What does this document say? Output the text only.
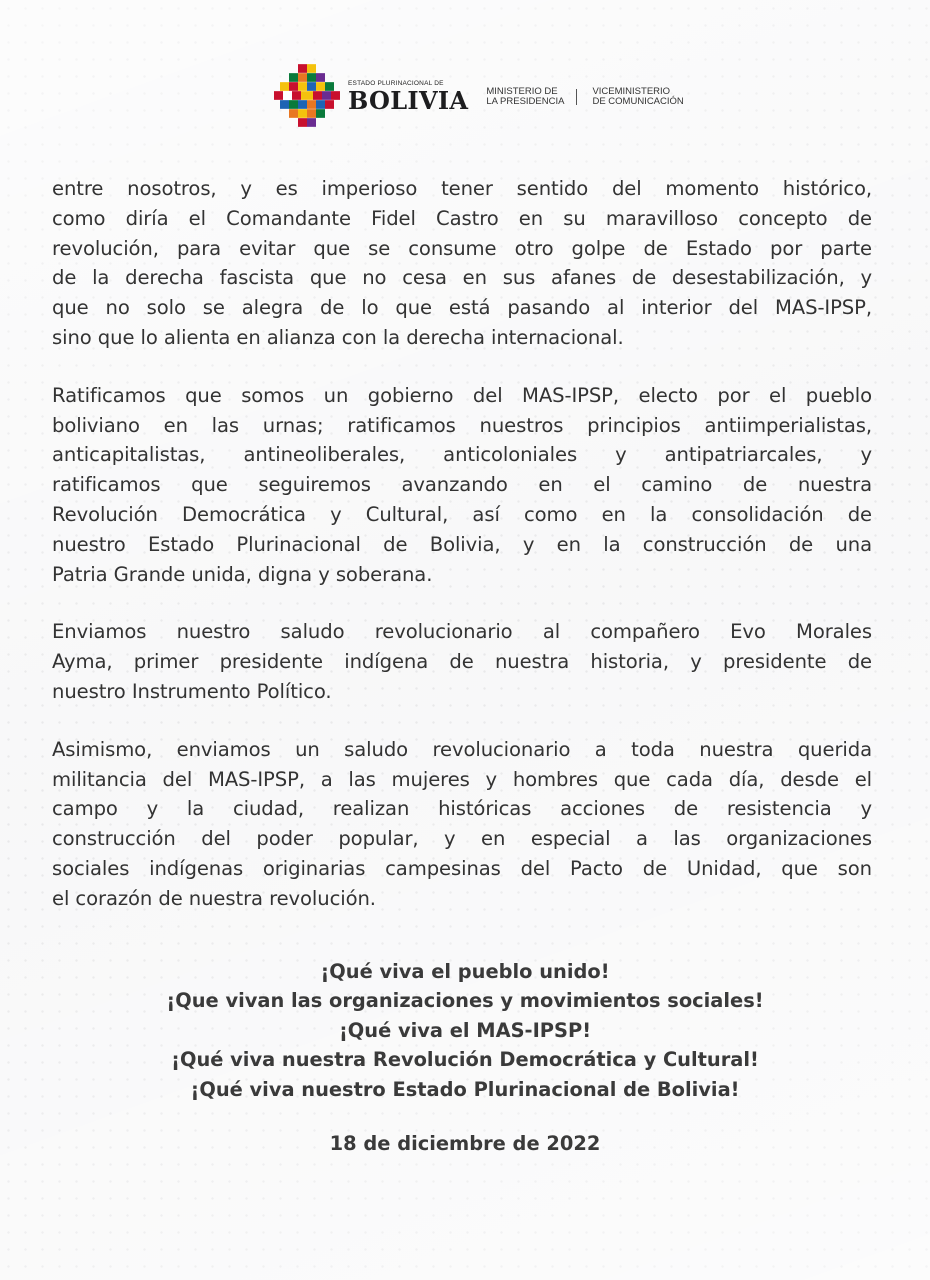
ESTADO PLURINACIONAL DE
BOLIVIA MINISTERIO DE
LA PRESIDENCIA
VICEMINISTERIO
DE COMUNICACIÓN

entre nosotros, y es imperioso tener sentido del momento histórico,
como diría el Comandante Fidel Castro en su maravilloso concepto de
revolución, para evitar que se consume otro golpe de Estado por parte
de la derecha fascista que no cesa en sus afanes de desestabilización, y
que no solo se alegra de lo que está pasando al interior del MAS-IPSP,
sino que lo alienta en alianza con la derecha internacional.

Ratificamos que somos un gobierno del MAS-IPSP, electo por el pueblo
boliviano en las urnas; ratificamos nuestros principios antiimperialistas,
anticapitalistas, antineoliberales, anticoloniales y antipatriarcales, y
ratificamos que seguiremos avanzando en el camino de nuestra
Revolución Democrática y Cultural, así como en la consolidación de
nuestro Estado Plurinacional de Bolivia, y en la construcción de una
Patria Grande unida, digna y soberana.

Enviamos nuestro saludo revolucionario al compañero Evo Morales
Ayma, primer presidente indígena de nuestra historia, y presidente de
nuestro Instrumento Político.

Asimismo, enviamos un saludo revolucionario a toda nuestra querida
militancia del MAS-IPSP, a las mujeres y hombres que cada día, desde el
campo y la ciudad, realizan históricas acciones de resistencia y
construcción del poder popular, y en especial a las organizaciones
sociales indígenas originarias campesinas del Pacto de Unidad, que son
el corazón de nuestra revolución.

¡Qué viva el pueblo unido!
¡Que vivan las organizaciones y movimientos sociales!
¡Qué viva el MAS-IPSP!
¡Qué viva nuestra Revolución Democrática y Cultural!
¡Qué viva nuestro Estado Plurinacional de Bolivia!
18 de diciembre de 2022
